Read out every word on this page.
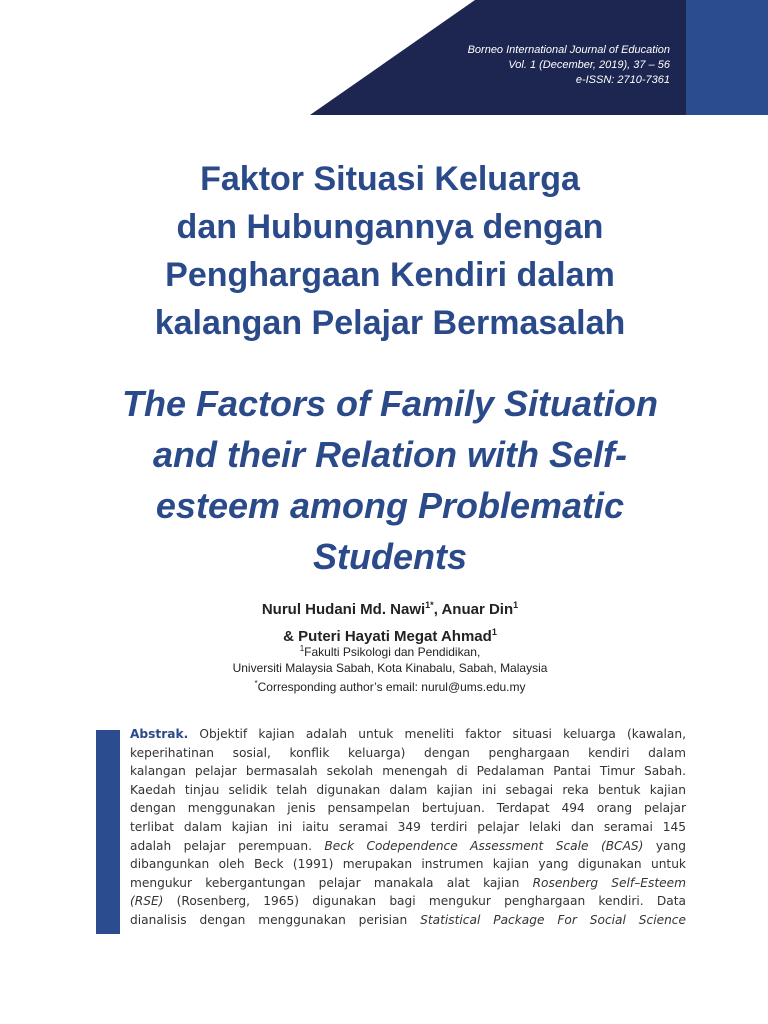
Borneo International Journal of Education
Vol. 1 (December, 2019), 37 – 56
e-ISSN: 2710-7361
Faktor Situasi Keluarga
dan Hubungannya dengan
Penghargaan Kendiri dalam
kalangan Pelajar Bermasalah
The Factors of Family Situation
and their Relation with Self-
esteem among Problematic
Students
Nurul Hudani Md. Nawi$^{1*}$, Anuar Din$^1$
& Puteri Hayati Megat Ahmad$^1$
$^1$Fakulti Psikologi dan Pendidikan,
Universiti Malaysia Sabah, Kota Kinabalu, Sabah, Malaysia
*Corresponding author’s email: nurul@ums.edu.my
Abstrak. Objektif kajian adalah untuk meneliti faktor situasi keluarga (kawalan,
keperihatinan sosial, konflik keluarga) dengan penghargaan kendiri dalam
kalangan pelajar bermasalah sekolah menengah di Pedalaman Pantai Timur Sabah.
Kaedah tinjau selidik telah digunakan dalam kajian ini sebagai reka bentuk kajian
dengan menggunakan jenis pensampelan bertujuan. Terdapat 494 orang pelajar
terlibat dalam kajian ini iaitu seramai 349 terdiri pelajar lelaki dan seramai 145
adalah pelajar perempuan. Beck Codependence Assessment Scale (BCAS) yang
dibangunkan oleh Beck (1991) merupakan instrumen kajian yang digunakan untuk
mengukur kebergantungan pelajar manakala alat kajian Rosenberg Self–Esteem
(RSE) (Rosenberg, 1965) digunakan bagi mengukur penghargaan kendiri. Data
dianalisis dengan menggunakan perisian Statistical Package For Social Science
